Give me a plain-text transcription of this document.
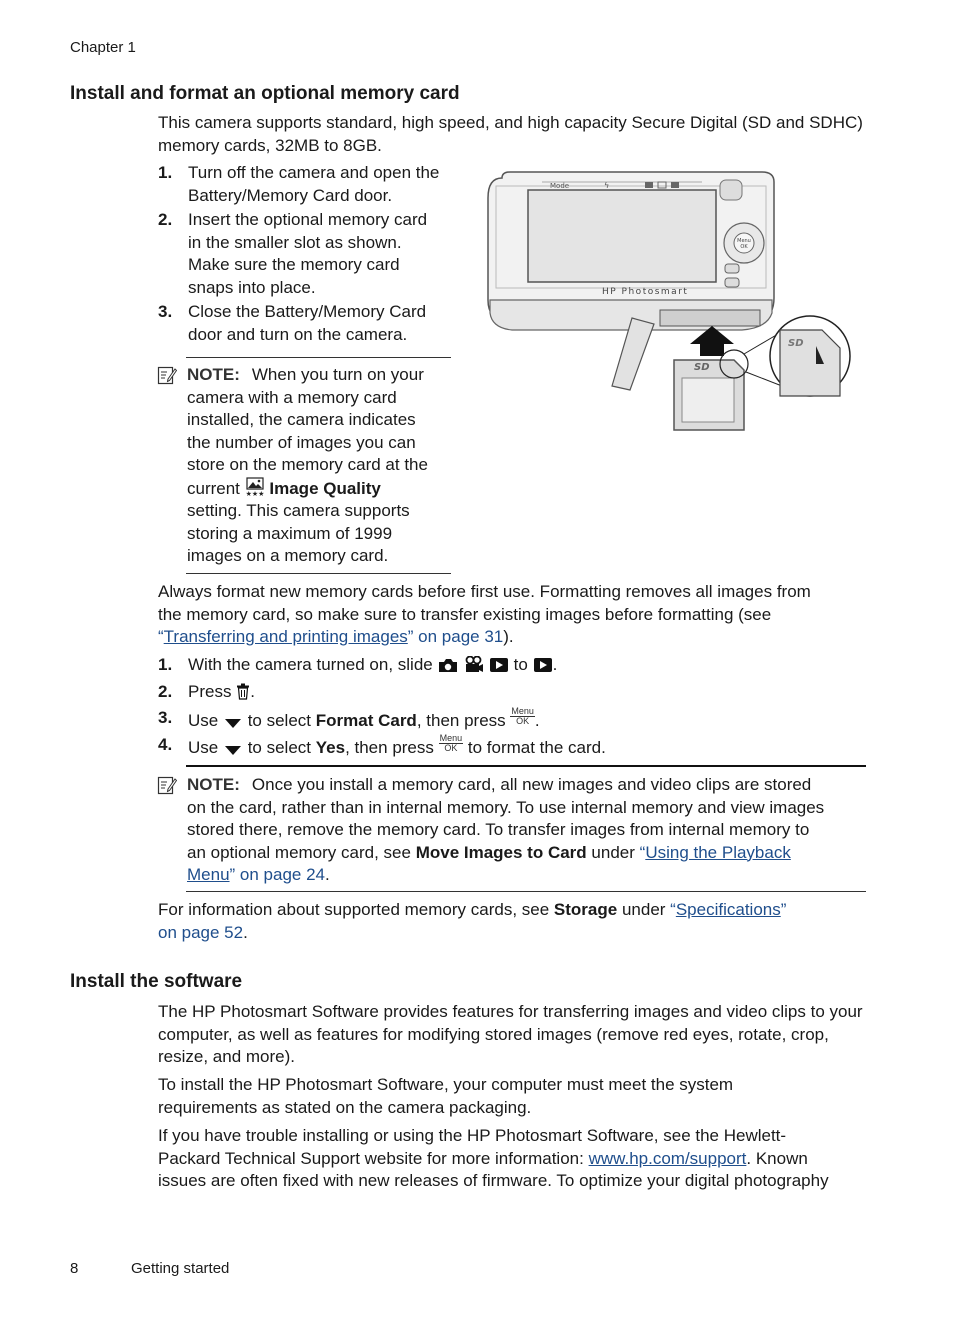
Chapter 1
Install and format an optional memory card

This camera supports standard, high speed, and high capacity Secure Digital (SD and SDHC) memory cards, 32MB to 8GB.

1. Turn off the camera and open the
Battery/Memory Card door.
2. Insert the optional memory card
in the smaller slot as shown.
Make sure the memory card
snaps into place.
3. Close the Battery/Memory Card
door and turn on the camera.
NOTE: When you turn on your
camera with a memory card
installed, the camera indicates
the number of images you can
store on the memory card at the
current ★★★ Image Quality
setting. This camera supports
storing a maximum of 1999
images on a memory card.
Mode	ϟ
HP Photosmart
Menu
OK
SD
SD
Always format new memory cards before first use. Formatting removes all images from
the memory card, so make sure to transfer existing images before formatting (see
“Transferring and printing images” on page 31).
1. With the camera turned on, slide	to .
2. Press .
3. Use to select Format Card, then press Menu
OK .
4. Use to select Yes, then press Menu
OK to format the card.
NOTE: Once you install a memory card, all new images and video clips are stored
on the card, rather than in internal memory. To use internal memory and view images
stored there, remove the memory card. To transfer images from internal memory to
an optional memory card, see Move Images to Card under “Using the Playback
Menu” on page 24.
For information about supported memory cards, see Storage under “Specifications”
on page 52.
Install the software

The HP Photosmart Software provides features for transferring images and video clips to your computer, as well as features for modifying stored images (remove red eyes, rotate, crop, resize, and more).

To install the HP Photosmart Software, your computer must meet the system requirements as stated on the camera packaging.

If you have trouble installing or using the HP Photosmart Software, see the Hewlett-
Packard Technical Support website for more information: www.hp.com/support. Known
issues are often fixed with new releases of firmware. To optimize your digital photography
8	Getting started
